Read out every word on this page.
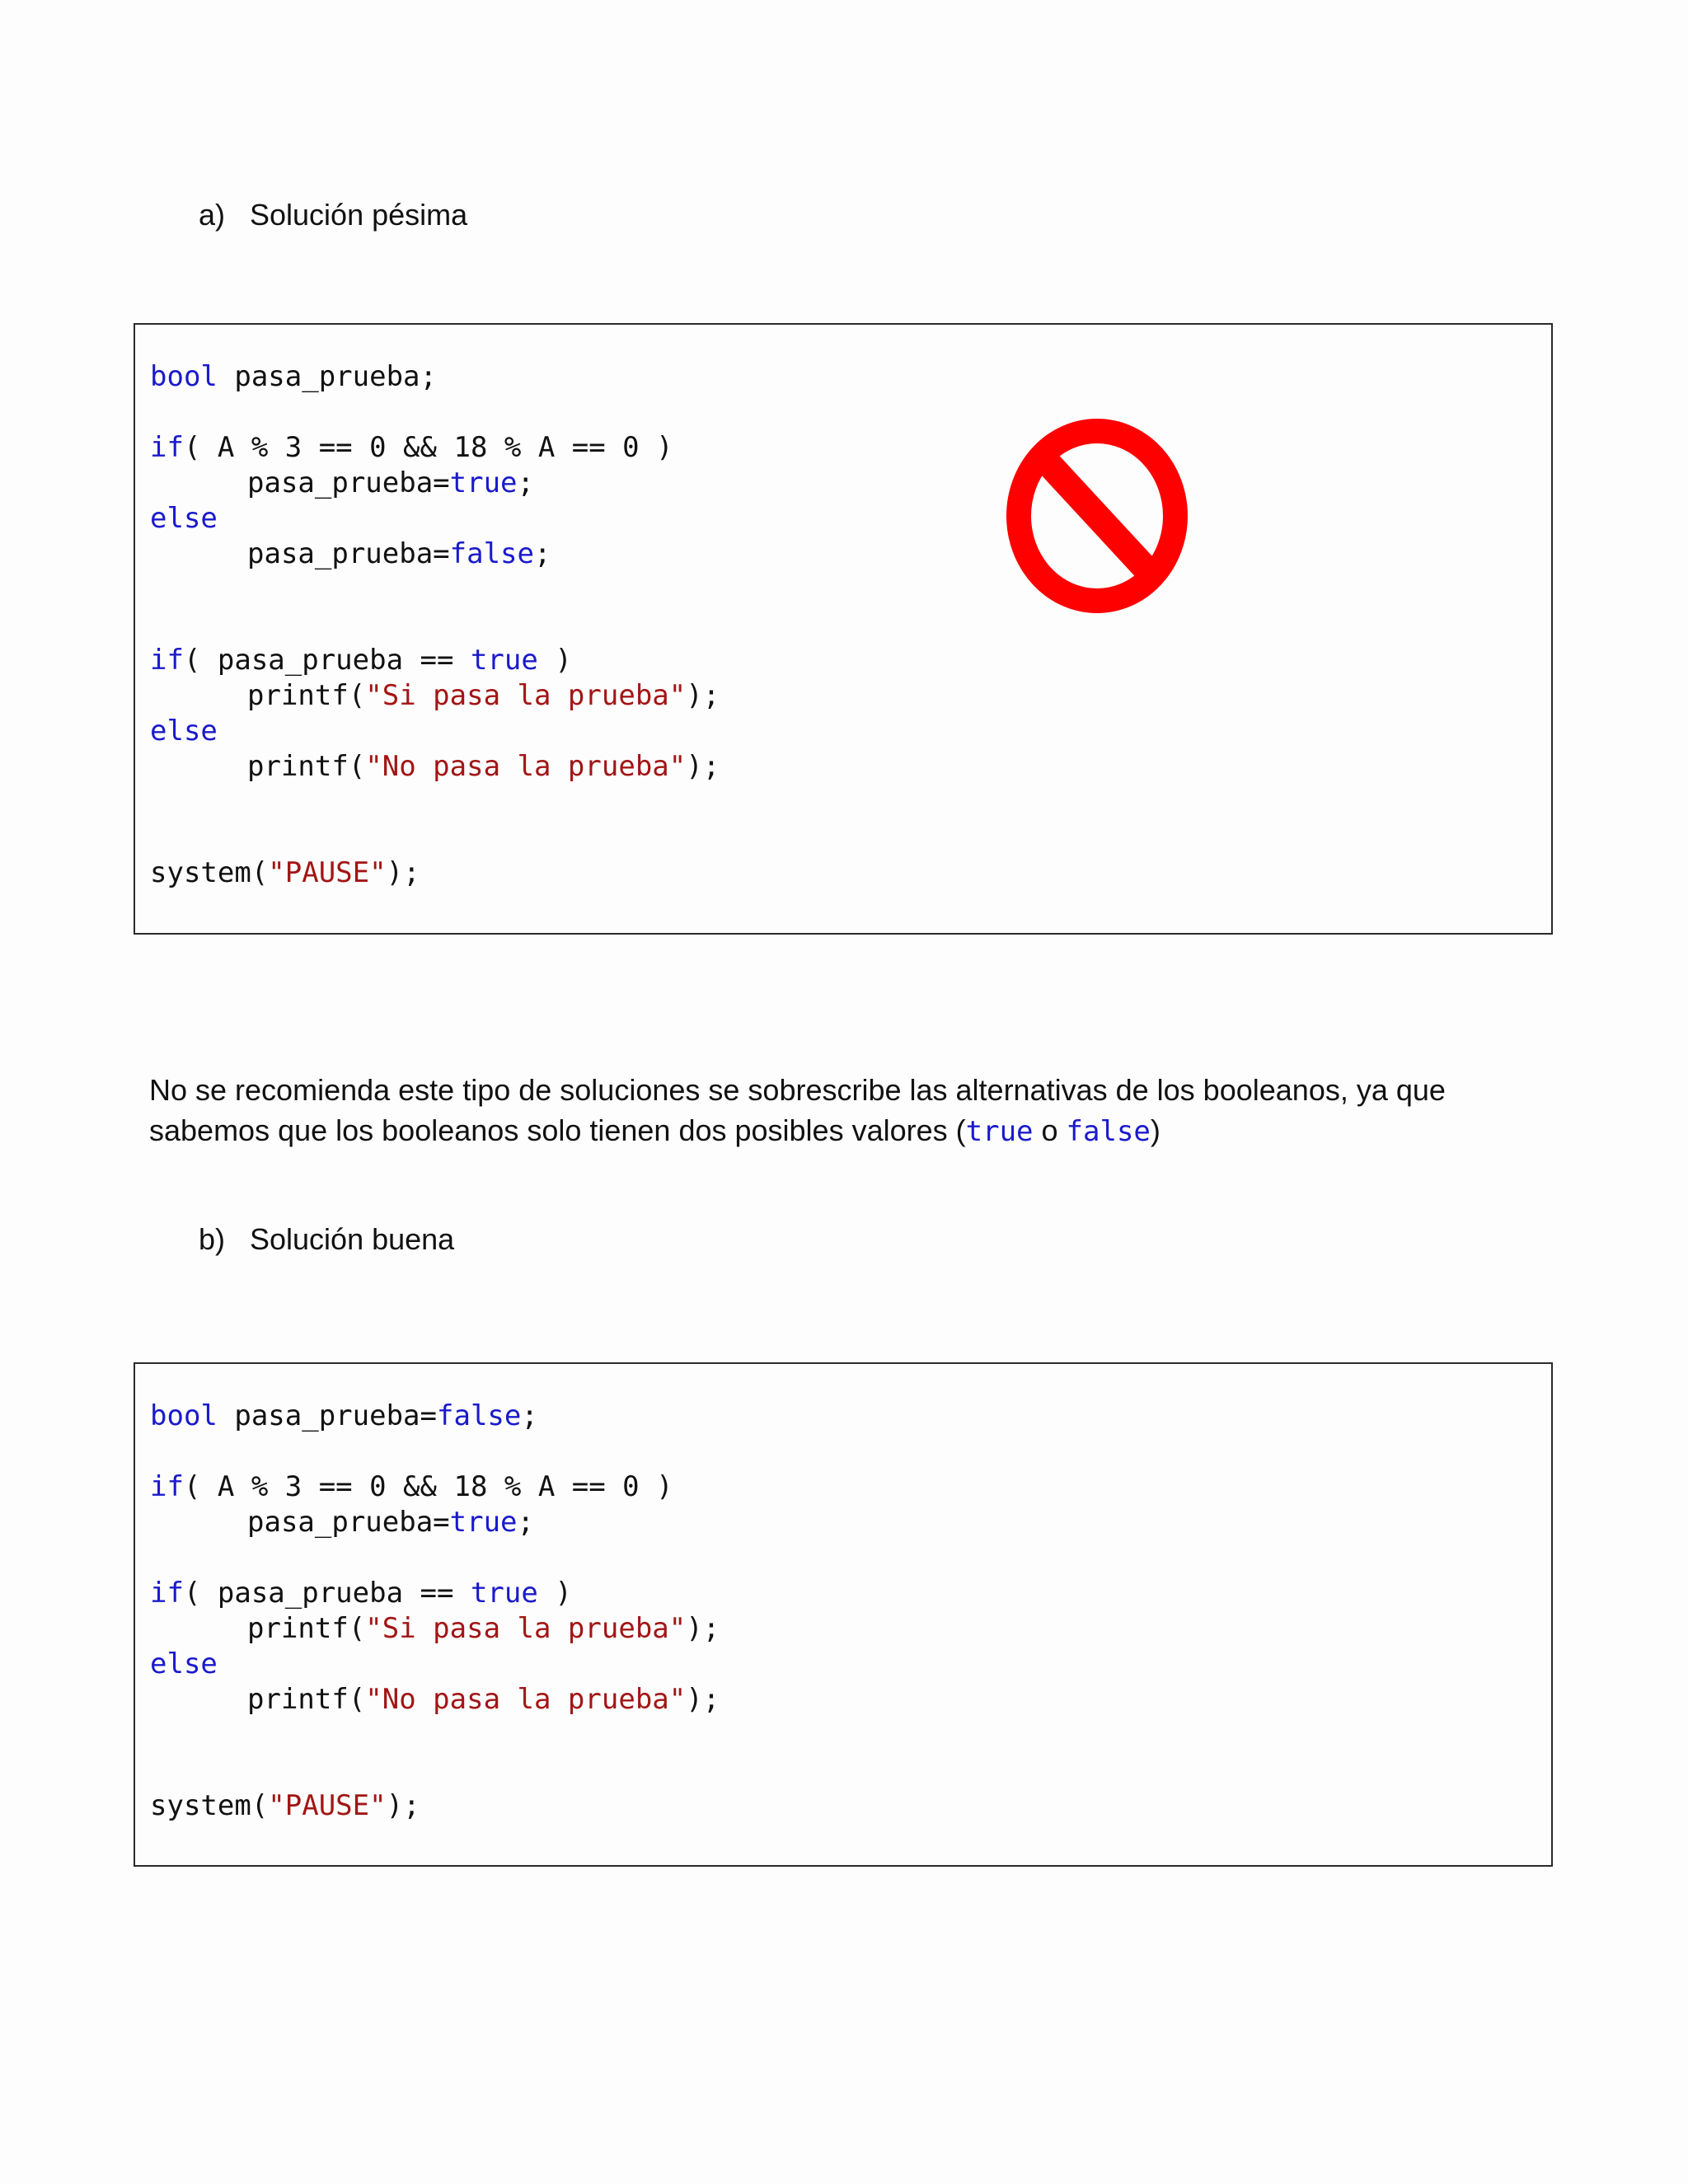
a) Solución pésima
bool pasa_prueba;
if( A % 3 == 0 && 18 % A == 0 )
pasa_prueba=true;
else
pasa_prueba=false;
if( pasa_prueba == true )
printf("Si pasa la prueba");
else
printf("No pasa la prueba");
system("PAUSE");
No se recomienda este tipo de soluciones se sobrescribe las alternativas de los booleanos, ya que sabemos que los booleanos solo tienen dos posibles valores (true o false)
b) Solución buena
bool pasa_prueba=false;
if( A % 3 == 0 && 18 % A == 0 )
pasa_prueba=true;
if( pasa_prueba == true )
printf("Si pasa la prueba");
else
printf("No pasa la prueba");
system("PAUSE");
